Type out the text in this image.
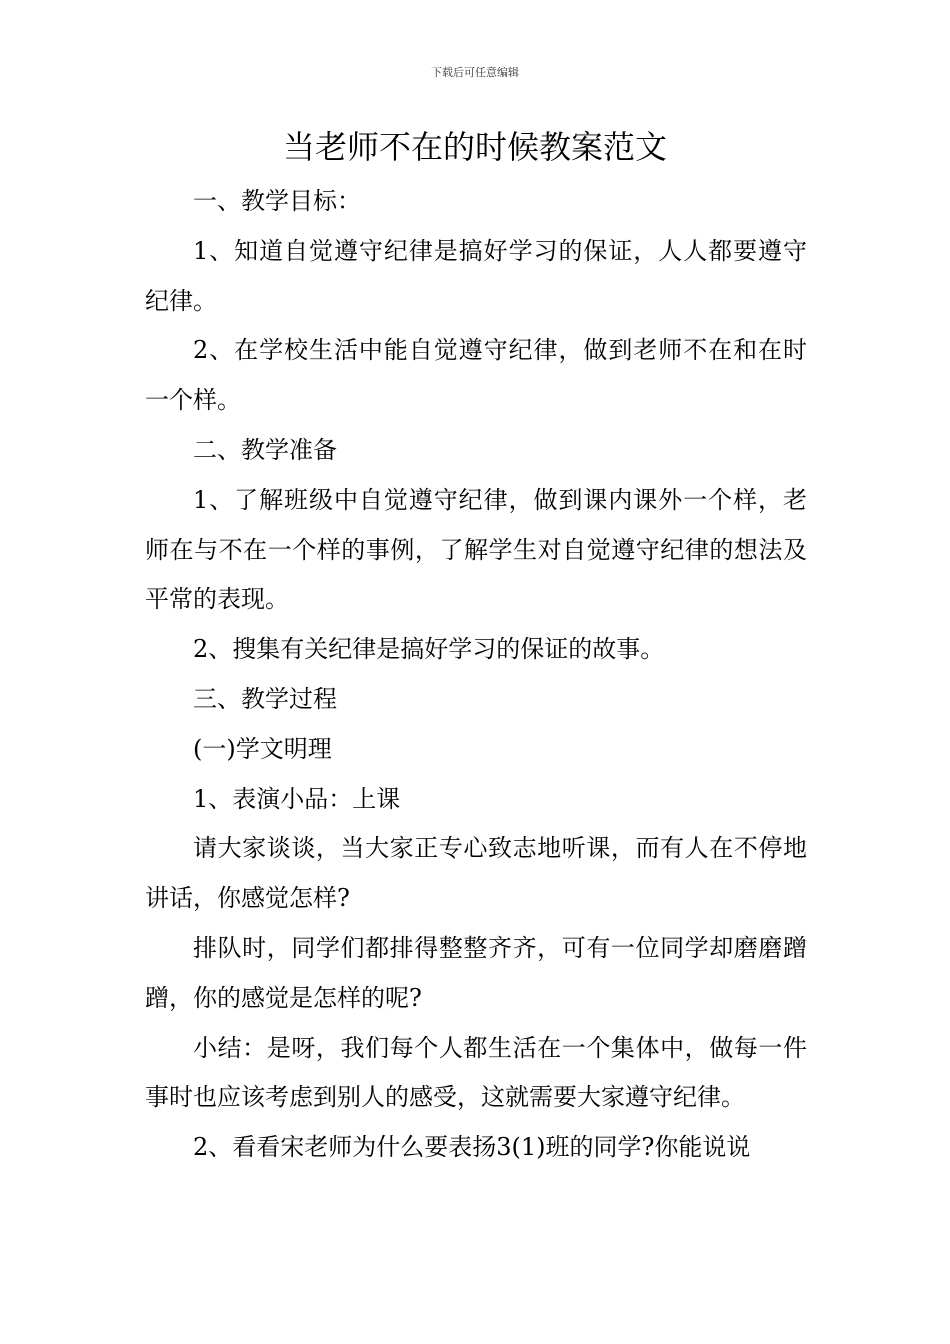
下载后可任意编辑
当老师不在的时候教案范文

一、教学目标：

1、知道自觉遵守纪律是搞好学习的保证，人人都要遵守纪律。

2、在学校生活中能自觉遵守纪律，做到老师不在和在时一个样。

二、教学准备

1、了解班级中自觉遵守纪律，做到课内课外一个样，老师在与不在一个样的事例，了解学生对自觉遵守纪律的想法及平常的表现。

2、搜集有关纪律是搞好学习的保证的故事。

三、教学过程

(一)学文明理

1、表演小品：上课

请大家谈谈，当大家正专心致志地听课，而有人在不停地讲话，你感觉怎样?

排队时，同学们都排得整整齐齐，可有一位同学却磨磨蹭蹭，你的感觉是怎样的呢?

小结：是呀，我们每个人都生活在一个集体中，做每一件事时也应该考虑到别人的感受，这就需要大家遵守纪律。

2、看看宋老师为什么要表扬3(1)班的同学?你能说说
